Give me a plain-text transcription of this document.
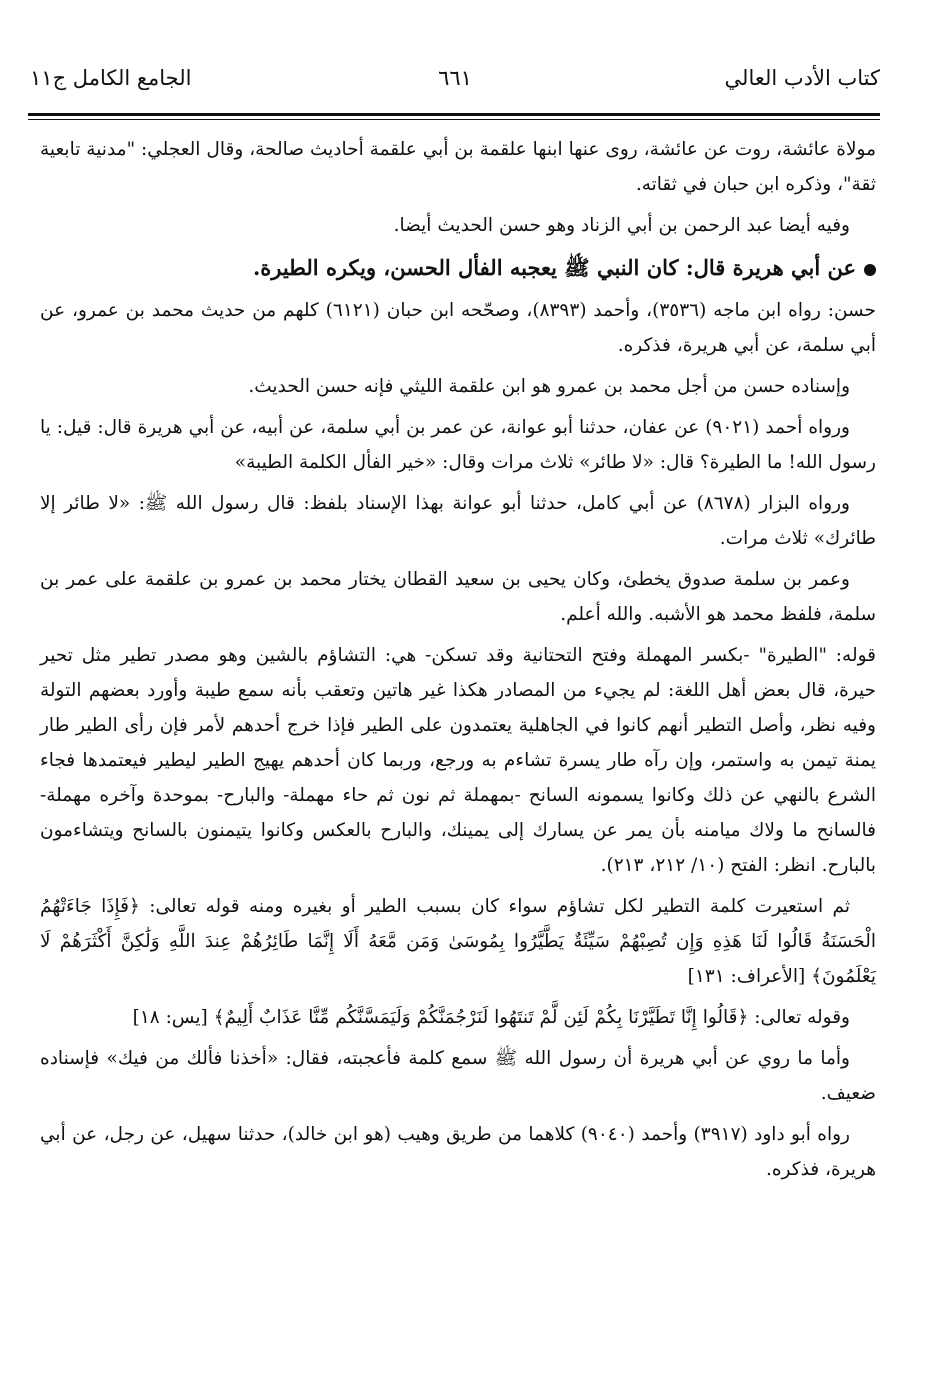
كتاب الأدب العالي
٦٦١
الجامع الكامل ج١١

مولاة عائشة، روت عن عائشة، روى عنها ابنها علقمة بن أبي علقمة أحاديث صالحة، وقال العجلي: "مدنية تابعية ثقة"، وذكره ابن حبان في ثقاته.

وفيه أيضا عبد الرحمن بن أبي الزناد وهو حسن الحديث أيضا.

عن أبي هريرة قال: كان النبي ﷺ يعجبه الفأل الحسن، ويكره الطيرة.

حسن: رواه ابن ماجه (٣٥٣٦)، وأحمد (٨٣٩٣)، وصحّحه ابن حبان (٦١٢١) كلهم من حديث محمد بن عمرو، عن أبي سلمة، عن أبي هريرة، فذكره.

وإسناده حسن من أجل محمد بن عمرو هو ابن علقمة الليثي فإنه حسن الحديث.

ورواه أحمد (٩٠٢١) عن عفان، حدثنا أبو عوانة، عن عمر بن أبي سلمة، عن أبيه، عن أبي هريرة قال: قيل: يا رسول الله! ما الطيرة؟ قال: «لا طائر» ثلاث مرات وقال: «خير الفأل الكلمة الطيبة»

ورواه البزار (٨٦٧٨) عن أبي كامل، حدثنا أبو عوانة بهذا الإسناد بلفظ: قال رسول الله ﷺ: «لا طائر إلا طائرك» ثلاث مرات.

وعمر بن سلمة صدوق يخطئ، وكان يحيى بن سعيد القطان يختار محمد بن عمرو بن علقمة على عمر بن سلمة، فلفظ محمد هو الأشبه. والله أعلم.

قوله: "الطيرة" -بكسر المهملة وفتح التحتانية وقد تسكن- هي: التشاؤم بالشين وهو مصدر تطير مثل تحير حيرة، قال بعض أهل اللغة: لم يجيء من المصادر هكذا غير هاتين وتعقب بأنه سمع طيبة وأورد بعضهم التولة وفيه نظر، وأصل التطير أنهم كانوا في الجاهلية يعتمدون على الطير فإذا خرج أحدهم لأمر فإن رأى الطير طار يمنة تيمن به واستمر، وإن رآه طار يسرة تشاءم به ورجع، وربما كان أحدهم يهيج الطير ليطير فيعتمدها فجاء الشرع بالنهي عن ذلك وكانوا يسمونه السانح -بمهملة ثم نون ثم حاء مهملة- والبارح- بموحدة وآخره مهملة- فالسانح ما ولاك ميامنه بأن يمر عن يسارك إلى يمينك، والبارح بالعكس وكانوا يتيمنون بالسانح ويتشاءمون بالبارح. انظر: الفتح (١٠/ ٢١٢، ٢١٣).

ثم استعيرت كلمة التطير لكل تشاؤم سواء كان بسبب الطير أو بغيره ومنه قوله تعالى: ﴿فَإِذَا جَاءَتْهُمُ الْحَسَنَةُ قَالُوا لَنَا هَذِهِ وَإِن تُصِبْهُمْ سَيِّئَةٌ يَطَّيَّرُوا بِمُوسَىٰ وَمَن مَّعَهُ أَلَا إِنَّمَا طَائِرُهُمْ عِندَ اللَّهِ وَلَٰكِنَّ أَكْثَرَهُمْ لَا يَعْلَمُونَ﴾ [الأعراف: ١٣١]

وقوله تعالى: ﴿قَالُوا إِنَّا تَطَيَّرْنَا بِكُمْ لَئِن لَّمْ تَنتَهُوا لَنَرْجُمَنَّكُمْ وَلَيَمَسَّنَّكُم مِّنَّا عَذَابٌ أَلِيمٌ﴾ [يس: ١٨]

وأما ما روي عن أبي هريرة أن رسول الله ﷺ سمع كلمة فأعجبته، فقال: «أخذنا فألك من فيك» فإسناده ضعيف.

رواه أبو داود (٣٩١٧) وأحمد (٩٠٤٠) كلاهما من طريق وهيب (هو ابن خالد)، حدثنا سهيل، عن رجل، عن أبي هريرة، فذكره.
